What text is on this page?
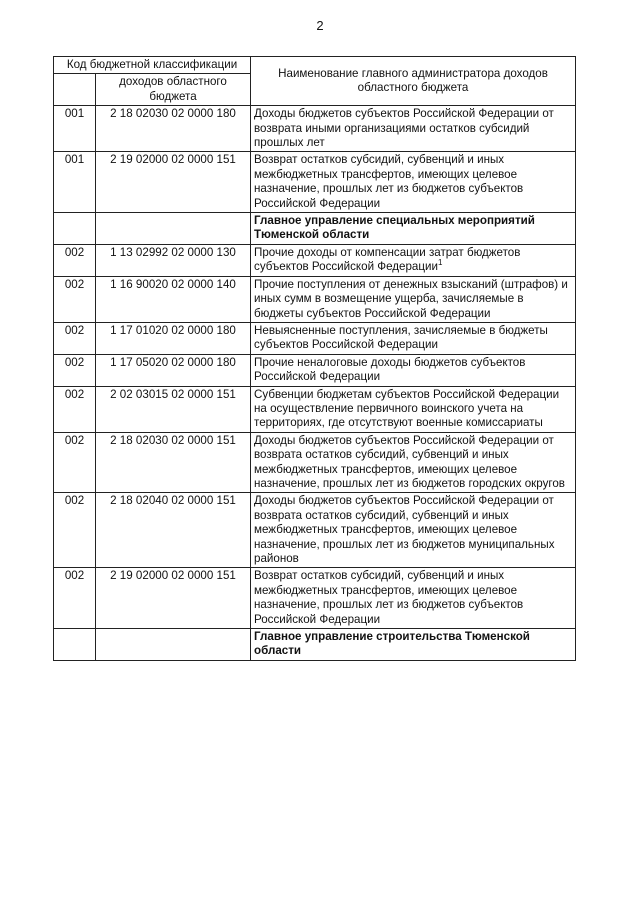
2
Код бюджетной классификации		Наименование главного администратора доходов областного бюджета
	доходов областного бюджета	
001	2 18 02030 02 0000 180	Доходы бюджетов субъектов Российской Федерации от возврата иными организациями остатков субсидий прошлых лет
001	2 19 02000 02 0000 151	Возврат остатков субсидий, субвенций и иных межбюджетных трансфертов, имеющих целевое назначение, прошлых лет из бюджетов субъектов Российской Федерации
		Главное управление специальных мероприятий Тюменской области
002	1 13 02992 02 0000 130	Прочие доходы от компенсации затрат бюджетов субъектов Российской Федерации$^1$
002	1 16 90020 02 0000 140	Прочие поступления от денежных взысканий (штрафов) и иных сумм в возмещение ущерба, зачисляемые в бюджеты субъектов Российской Федерации
002	1 17 01020 02 0000 180	Невыясненные поступления, зачисляемые в бюджеты субъектов Российской Федерации
002	1 17 05020 02 0000 180	Прочие неналоговые доходы бюджетов субъектов Российской Федерации
002	2 02 03015 02 0000 151	Субвенции бюджетам субъектов Российской Федерации на осуществление первичного воинского учета на территориях, где отсутствуют военные комиссариаты
002	2 18 02030 02 0000 151	Доходы бюджетов субъектов Российской Федерации от возврата остатков субсидий, субвенций и иных межбюджетных трансфертов, имеющих целевое назначение, прошлых лет из бюджетов городских округов
002	2 18 02040 02 0000 151	Доходы бюджетов субъектов Российской Федерации от возврата остатков субсидий, субвенций и иных межбюджетных трансфертов, имеющих целевое назначение, прошлых лет из бюджетов муниципальных районов
002	2 19 02000 02 0000 151	Возврат остатков субсидий, субвенций и иных межбюджетных трансфертов, имеющих целевое назначение, прошлых лет из бюджетов субъектов Российской Федерации
		Главное управление строительства Тюменской области
